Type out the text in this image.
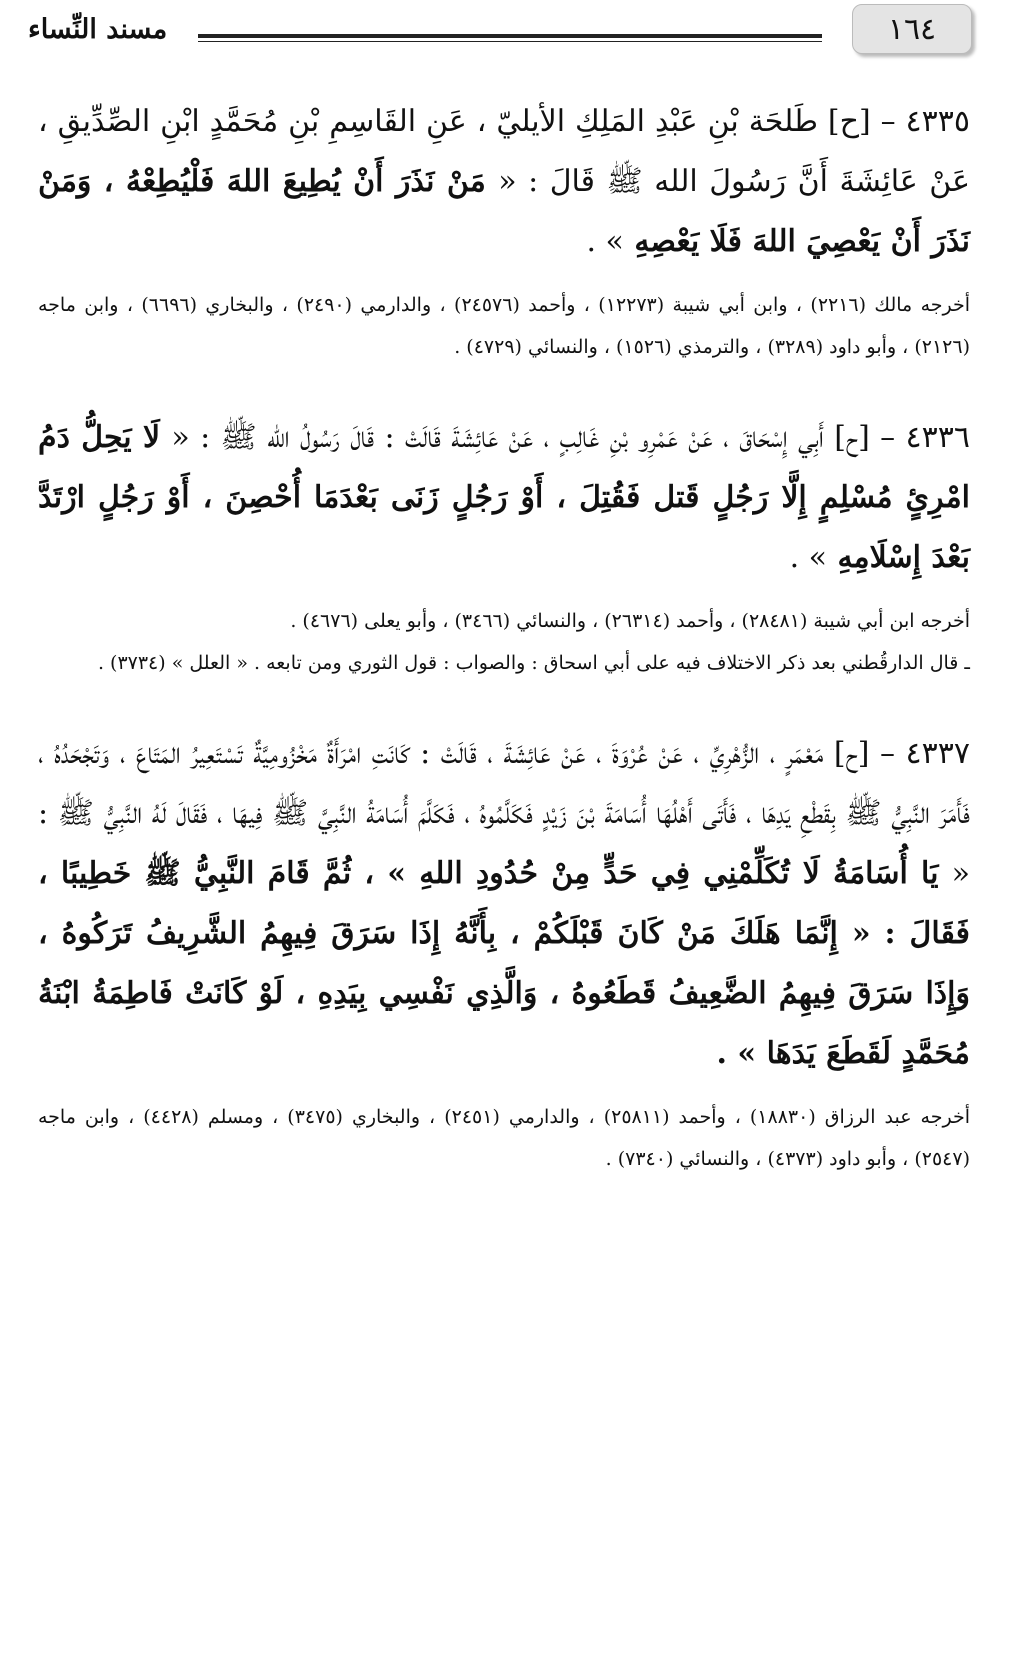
مسند النِّساء	١٦٤

٤٣٣٥ – [ح] طَلحَة بْنِ عَبْدِ المَلِكِ الأيليّ ، عَنِ القَاسِمِ بْنِ مُحَمَّدٍ ابْنِ الصِّدِّيقِ ، عَنْ عَائِشَةَ أَنَّ رَسُولَ الله ﷺ قَالَ : « مَنْ نَذَرَ أَنْ يُطِيعَ اللهَ فَلْيُطِعْهُ ، وَمَنْ نَذَرَ أَنْ يَعْصِيَ اللهَ فَلَا يَعْصِهِ » .

أخرجه مالك (٢٢١٦) ، وابن أبي شيبة (١٢٢٧٣) ، وأحمد (٢٤٥٧٦) ، والدارمي (٢٤٩٠) ، والبخاري (٦٦٩٦) ، وابن ماجه (٢١٢٦) ، وأبو داود (٣٢٨٩) ، والترمذي (١٥٢٦) ، والنسائي (٤٧٢٩) .

٤٣٣٦ – [ح] أَبِي إِسْحَاقَ ، عَنْ عَمْرِو بْنِ غَالِبٍ ، عَنْ عَائِشَةَ قَالَتْ : قَالَ رَسُولُ الله ﷺ : « لَا يَحِلُّ دَمُ امْرِئٍ مُسْلِمٍ إِلَّا رَجُلٍ قَتل فَقُتِلَ ، أَوْ رَجُلٍ زَنَى بَعْدَمَا أُحْصِنَ ، أَوْ رَجُلٍ ارْتَدَّ بَعْدَ إِسْلَامِهِ » .

أخرجه ابن أبي شيبة (٢٨٤٨١) ، وأحمد (٢٦٣١٤) ، والنسائي (٣٤٦٦) ، وأبو يعلى (٤٦٧٦) .

ـ قال الدارقُطني بعد ذكر الاختلاف فيه على أبي اسحاق : والصواب : قول الثوري ومن تابعه . « العلل » (٣٧٣٤) .

٤٣٣٧ – [ح] مَعْمَرٍ ، الزُّهْرِيِّ ، عَنْ عُرْوَةَ ، عَنْ عَائِشَةَ ، قَالَتْ : كَانَتِ امْرَأَةٌ مَخْزُومِيَّةٌ تَسْتَعِيرُ المَتَاعَ ، وَتَجْحَدُهُ ، فَأَمَرَ النَّبِيُّ ﷺ بِقَطْعِ يَدِهَا ، فَأَتَى أَهْلُهَا أُسَامَةَ بْنَ زَيْدٍ فَكَلَّمُوهُ ، فَكَلَّمَ أُسَامَةُ النَّبِيَّ ﷺ فِيهَا ، فَقَالَ لَهُ النَّبِيُّ ﷺ : « يَا أُسَامَةُ لَا تُكَلِّمْنِي فِي حَدٍّ مِنْ حُدُودِ اللهِ » ، ثُمَّ قَامَ النَّبِيُّ ﷺ خَطِيبًا ، فَقَالَ : « إِنَّمَا هَلَكَ مَنْ كَانَ قَبْلَكُمْ ، بِأَنَّهُ إِذَا سَرَقَ فِيهِمُ الشَّرِيفُ تَرَكُوهُ ، وَإِذَا سَرَقَ فِيهِمُ الضَّعِيفُ قَطَعُوهُ ، وَالَّذِي نَفْسِي بِيَدِهِ ، لَوْ كَانَتْ فَاطِمَةُ ابْنَةُ مُحَمَّدٍ لَقَطَعَ يَدَهَا » .

أخرجه عبد الرزاق (١٨٨٣٠) ، وأحمد (٢٥٨١١) ، والدارمي (٢٤٥١) ، والبخاري (٣٤٧٥) ، ومسلم (٤٤٢٨) ، وابن ماجه (٢٥٤٧) ، وأبو داود (٤٣٧٣) ، والنسائي (٧٣٤٠) .
